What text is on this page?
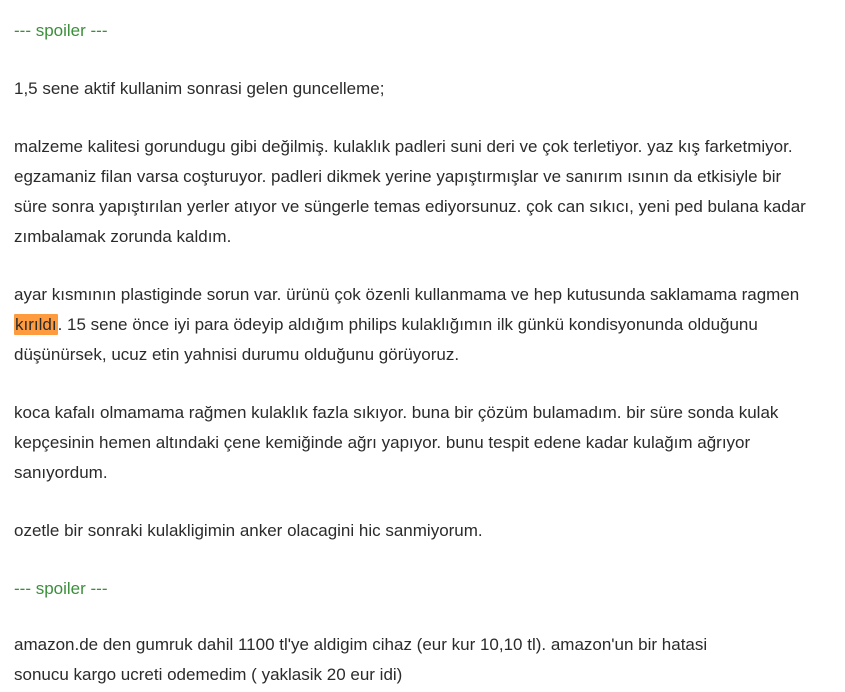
--- spoiler ---

1,5 sene aktif kullanim sonrasi gelen guncelleme;

malzeme kalitesi gorundugu gibi değilmiş. kulaklık padleri suni deri ve çok terletiyor. yaz kış farketmiyor. egzamaniz filan varsa coşturuyor. padleri dikmek yerine yapıştırmışlar ve sanırım ısının da etkisiyle bir süre sonra yapıştırılan yerler atıyor ve süngerle temas ediyorsunuz. çok can sıkıcı, yeni ped bulana kadar zımbalamak zorunda kaldım.

ayar kısmının plastiginde sorun var. ürünü çok özenli kullanmama ve hep kutusunda saklamama ragmen kırıldı. 15 sene önce iyi para ödeyip aldığım philips kulaklığımın ilk günkü kondisyonunda olduğunu düşünürsek, ucuz etin yahnisi durumu olduğunu görüyoruz.

koca kafalı olmamama rağmen kulaklık fazla sıkıyor. buna bir çözüm bulamadım. bir süre sonda kulak kepçesinin hemen altındaki çene kemiğinde ağrı yapıyor. bunu tespit edene kadar kulağım ağrıyor sanıyordum.

ozetle bir sonraki kulakligimin anker olacagini hic sanmiyorum.

--- spoiler ---

amazon.de den gumruk dahil 1100 tl'ye aldigim cihaz (eur kur 10,10 tl). amazon'un bir hatasi

sonucu kargo ucreti odemedim ( yaklasik 20 eur idi)
